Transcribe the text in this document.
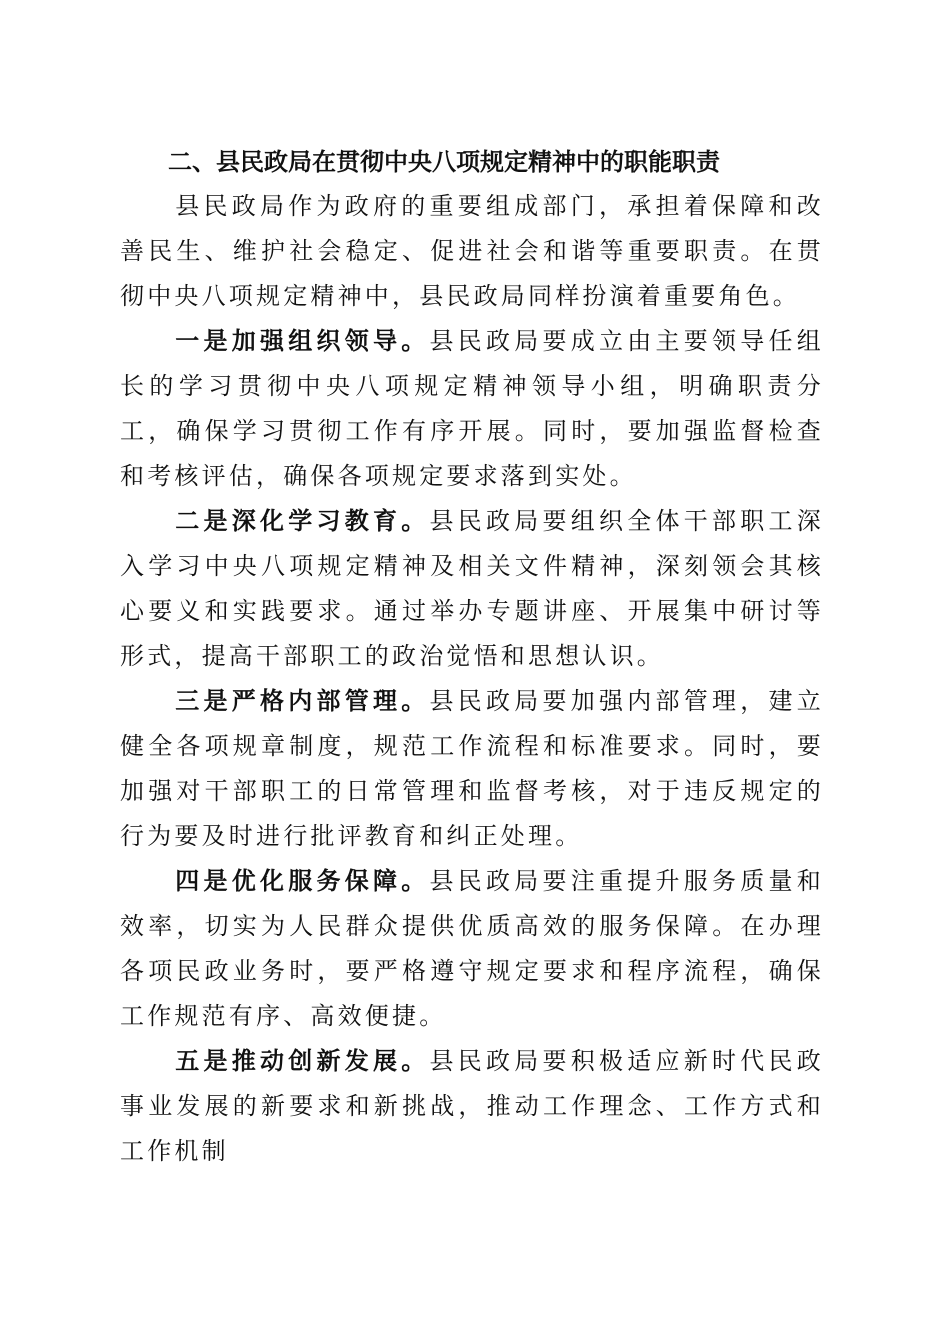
二、县民政局在贯彻中央八项规定精神中的职能职责

县民政局作为政府的重要组成部门，承担着保障和改善民生、维护社会稳定、促进社会和谐等重要职责。在贯彻中央八项规定精神中，县民政局同样扮演着重要角色。

一是加强组织领导。县民政局要成立由主要领导任组长的学习贯彻中央八项规定精神领导小组，明确职责分工，确保学习贯彻工作有序开展。同时，要加强监督检查和考核评估，确保各项规定要求落到实处。

二是深化学习教育。县民政局要组织全体干部职工深入学习中央八项规定精神及相关文件精神，深刻领会其核心要义和实践要求。通过举办专题讲座、开展集中研讨等形式，提高干部职工的政治觉悟和思想认识。

三是严格内部管理。县民政局要加强内部管理，建立健全各项规章制度，规范工作流程和标准要求。同时，要加强对干部职工的日常管理和监督考核，对于违反规定的行为要及时进行批评教育和纠正处理。

四是优化服务保障。县民政局要注重提升服务质量和效率，切实为人民群众提供优质高效的服务保障。在办理各项民政业务时，要严格遵守规定要求和程序流程，确保工作规范有序、高效便捷。

五是推动创新发展。县民政局要积极适应新时代民政事业发展的新要求和新挑战，推动工作理念、工作方式和工作机制
